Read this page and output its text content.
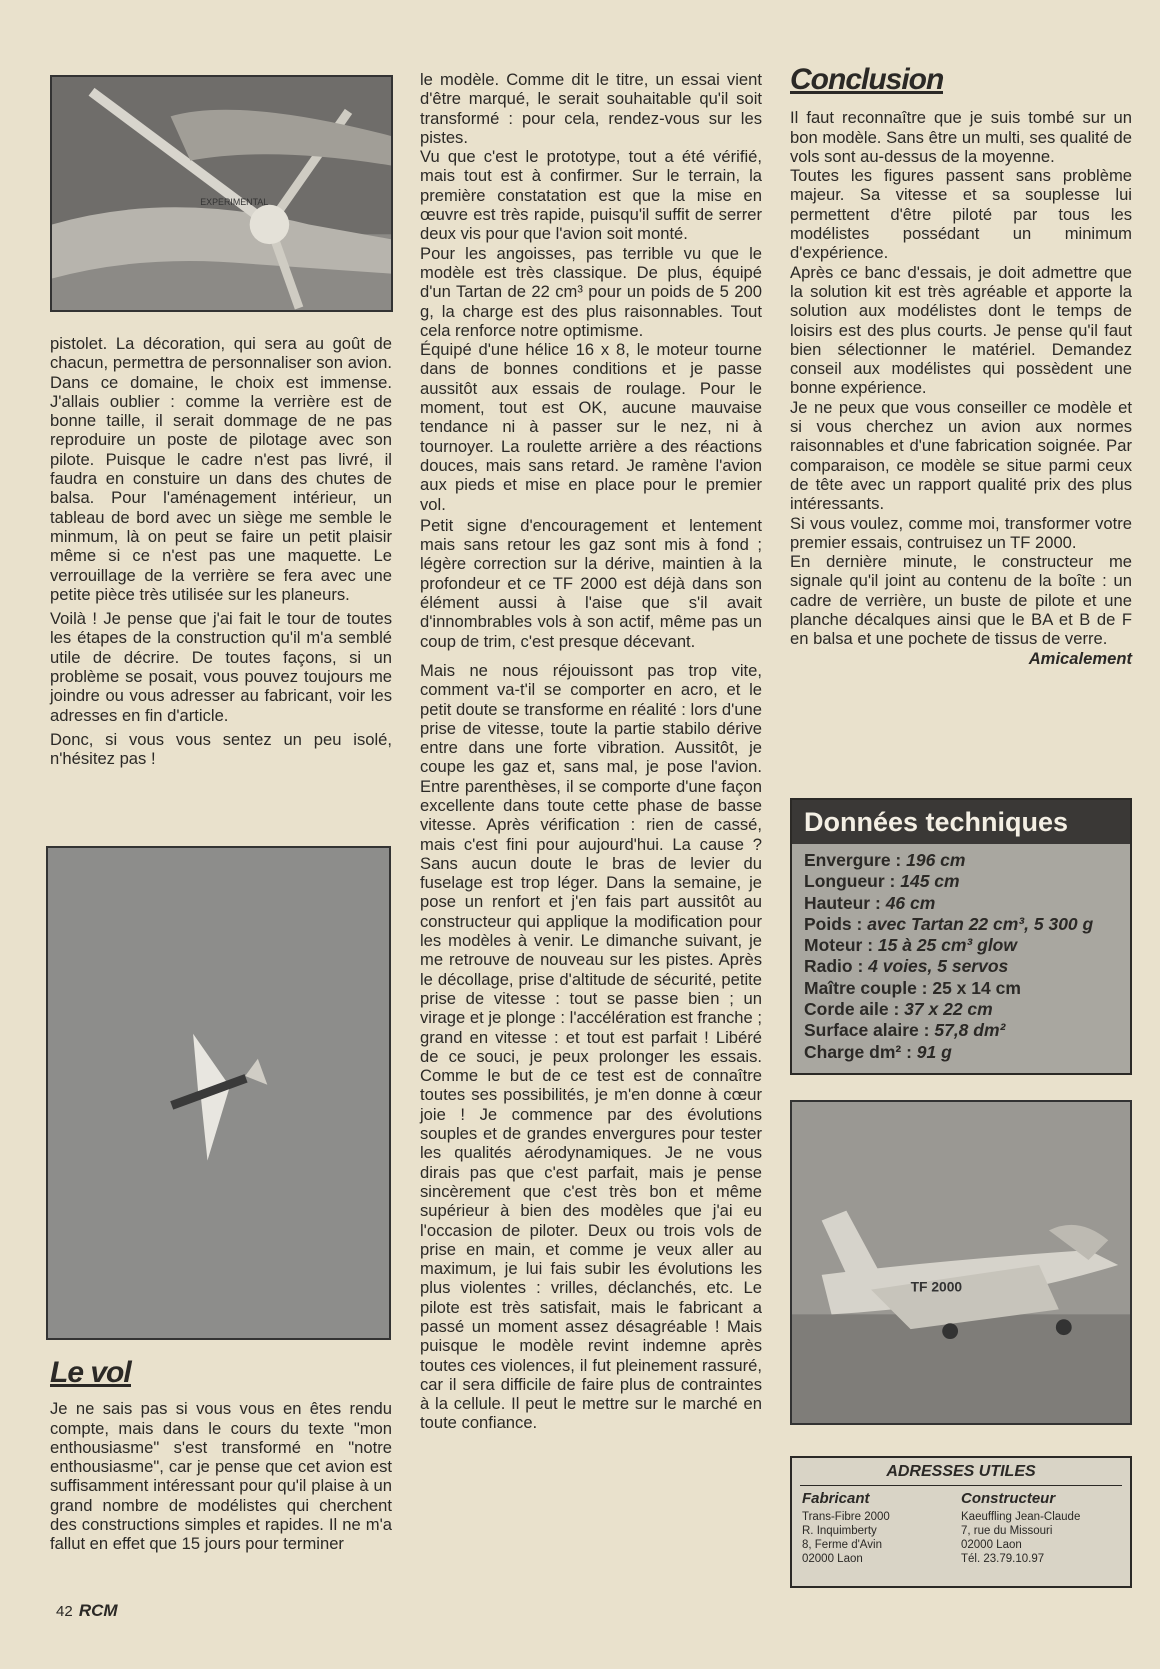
EXPERIMENTAL

pistolet. La décoration, qui sera au goût de chacun, permettra de personnaliser son avion. Dans ce domaine, le choix est immense. J'allais oublier : comme la verrière est de bonne taille, il serait dommage de ne pas reproduire un poste de pilotage avec son pilote. Puisque le cadre n'est pas livré, il faudra en constuire un dans des chutes de balsa. Pour l'aménagement intérieur, un tableau de bord avec un siège me semble le minmum, là on peut se faire un petit plaisir même si ce n'est pas une maquette. Le verrouillage de la verrière se fera avec une petite pièce très utilisée sur les planeurs.

Voilà ! Je pense que j'ai fait le tour de toutes les étapes de la construction qu'il m'a semblé utile de décrire. De toutes façons, si un problème se posait, vous pouvez toujours me joindre ou vous adresser au fabricant, voir les adresses en fin d'article.

Donc, si vous vous sentez un peu isolé, n'hésitez pas !

Le vol

Je ne sais pas si vous vous en êtes rendu compte, mais dans le cours du texte "mon enthousiasme" s'est transformé en "notre enthousiasme", car je pense que cet avion est suffisamment intéressant pour qu'il plaise à un grand nombre de modélistes qui cherchent des constructions simples et rapides. Il ne m'a fallut en effet que 15 jours pour terminer

le modèle. Comme dit le titre, un essai vient d'être marqué, le serait souhaitable qu'il soit transformé : pour cela, rendez-vous sur les pistes.

Vu que c'est le prototype, tout a été vérifié, mais tout est à confirmer. Sur le terrain, la première constatation est que la mise en œuvre est très rapide, puisqu'il suffit de serrer deux vis pour que l'avion soit monté.

Pour les angoisses, pas terrible vu que le modèle est très classique. De plus, équipé d'un Tartan de 22 cm³ pour un poids de 5 200 g, la charge est des plus raisonnables. Tout cela renforce notre optimisme.

Équipé d'une hélice 16 x 8, le moteur tourne dans de bonnes conditions et je passe aussitôt aux essais de roulage. Pour le moment, tout est OK, aucune mauvaise tendance ni à passer sur le nez, ni à tournoyer. La roulette arrière a des réactions douces, mais sans retard. Je ramène l'avion aux pieds et mise en place pour le premier vol.

Petit signe d'encouragement et lentement mais sans retour les gaz sont mis à fond ; légère correction sur la dérive, maintien à la profondeur et ce TF 2000 est déjà dans son élément aussi à l'aise que s'il avait d'innombrables vols à son actif, même pas un coup de trim, c'est presque décevant.

Mais ne nous réjouissont pas trop vite, comment va-t'il se comporter en acro, et le petit doute se transforme en réalité : lors d'une prise de vitesse, toute la partie stabilo dérive entre dans une forte vibration. Aussitôt, je coupe les gaz et, sans mal, je pose l'avion. Entre parenthèses, il se comporte d'une façon excellente dans toute cette phase de basse vitesse. Après vérification : rien de cassé, mais c'est fini pour aujourd'hui. La cause ? Sans aucun doute le bras de levier du fuselage est trop léger. Dans la semaine, je pose un renfort et j'en fais part aussitôt au constructeur qui applique la modification pour les modèles à venir. Le dimanche suivant, je me retrouve de nouveau sur les pistes. Après le décollage, prise d'altitude de sécurité, petite prise de vitesse : tout se passe bien ; un virage et je plonge : l'accélération est franche ; grand en vitesse : et tout est parfait ! Libéré de ce souci, je peux prolonger les essais. Comme le but de ce test est de connaître toutes ses possibilités, je m'en donne à cœur joie ! Je commence par des évolutions souples et de grandes envergures pour tester les qualités aérodynamiques. Je ne vous dirais pas que c'est parfait, mais je pense sincèrement que c'est très bon et même supérieur à bien des modèles que j'ai eu l'occasion de piloter. Deux ou trois vols de prise en main, et comme je veux aller au maximum, je lui fais subir les évolutions les plus violentes : vrilles, déclanchés, etc. Le pilote est très satisfait, mais le fabricant a passé un moment assez désagréable ! Mais puisque le modèle revint indemne après toutes ces violences, il fut pleinement rassuré, car il sera difficile de faire plus de contraintes à la cellule. Il peut le mettre sur le marché en toute confiance.

Conclusion

Il faut reconnaître que je suis tombé sur un bon modèle. Sans être un multi, ses qualité de vols sont au-dessus de la moyenne.

Toutes les figures passent sans problème majeur. Sa vitesse et sa souplesse lui permettent d'être piloté par tous les modélistes possédant un minimum d'expérience.

Après ce banc d'essais, je doit admettre que la solution kit est très agréable et apporte la solution aux modélistes dont le temps de loisirs est des plus courts. Je pense qu'il faut bien sélectionner le matériel. Demandez conseil aux modélistes qui possèdent une bonne expérience.

Je ne peux que vous conseiller ce modèle et si vous cherchez un avion aux normes raisonnables et d'une fabrication soignée. Par comparaison, ce modèle se situe parmi ceux de tête avec un rapport qualité prix des plus intéressants.

Si vous voulez, comme moi, transformer votre premier essais, contruisez un TF 2000.

En dernière minute, le constructeur me signale qu'il joint au contenu de la boîte : un cadre de verrière, un buste de pilote et une planche décalques ainsi que le BA et B de F en balsa et une pochete de tissus de verre.

Amicalement
Données techniques
Envergure : 196 cm
Longueur : 145 cm
Hauteur : 46 cm
Poids : avec Tartan 22 cm³, 5 300 g
Moteur : 15 à 25 cm³ glow
Radio : 4 voies, 5 servos
Maître couple : 25 x 14 cm
Corde aile : 37 x 22 cm
Surface alaire : 57,8 dm²
Charge dm² : 91 g
TF 2000
ADRESSES UTILES
Fabricant
Trans-Fibre 2000
R. Inquimberty
8, Ferme d'Avin
02000 Laon
Constructeur
Kaeuffling Jean-Claude
7, rue du Missouri
02000 Laon
Tél. 23.79.10.97
42 RCM
